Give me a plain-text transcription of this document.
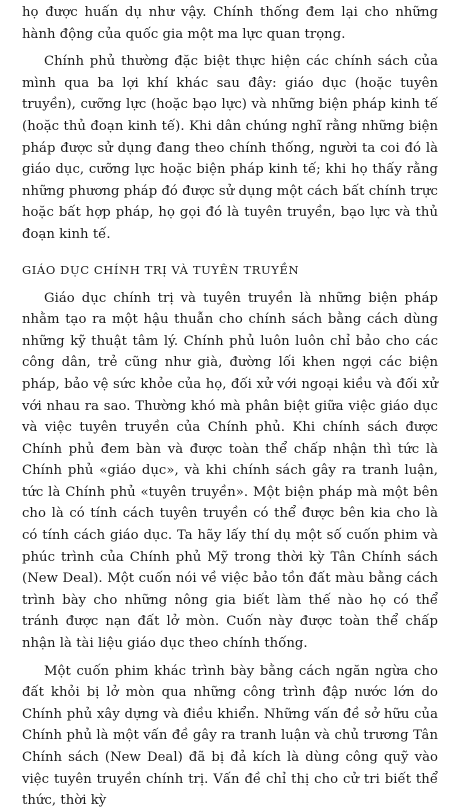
họ được huấn dụ như vậy. Chính thống đem lại cho những hành động của quốc gia một ma lực quan trọng.

Chính phủ thường đặc biệt thực hiện các chính sách của mình qua ba lợi khí khác sau đây: giáo dục (hoặc tuyên truyền), cưỡng lực (hoặc bạo lực) và những biện pháp kinh tế (hoặc thủ đoạn kinh tế). Khi dân chúng nghĩ rằng những biện pháp được sử dụng đang theo chính thống, người ta coi đó là giáo dục, cưỡng lực hoặc biện pháp kinh tế; khi họ thấy rằng những phương pháp đó được sử dụng một cách bất chính trực hoặc bất hợp pháp, họ gọi đó là tuyên truyền, bạo lực và thủ đoạn kinh tế.

GIÁO DỤC CHÍNH TRỊ VÀ TUYÊN TRUYỀN

Giáo dục chính trị và tuyên truyền là những biện pháp nhằm tạo ra một hậu thuẫn cho chính sách bằng cách dùng những kỹ thuật tâm lý. Chính phủ luôn luôn chỉ bảo cho các công dân, trẻ cũng như già, đường lối khen ngợi các biện pháp, bảo vệ sức khỏe của họ, đối xử với ngoại kiều và đối xử với nhau ra sao. Thường khó mà phân biệt giữa việc giáo dục và việc tuyên truyền của Chính phủ. Khi chính sách được Chính phủ đem bàn và được toàn thể chấp nhận thì tức là Chính phủ «giáo dục», và khi chính sách gây ra tranh luận, tức là Chính phủ «tuyên truyền». Một biện pháp mà một bên cho là có tính cách tuyên truyền có thể được bên kia cho là có tính cách giáo dục. Ta hãy lấy thí dụ một số cuốn phim và phúc trình của Chính phủ Mỹ trong thời kỳ Tân Chính sách (New Deal). Một cuốn nói về việc bảo tồn đất màu bằng cách trình bày cho những nông gia biết làm thế nào họ có thể tránh được nạn đất lở mòn. Cuốn này được toàn thể chấp nhận là tài liệu giáo dục theo chính thống.

Một cuốn phim khác trình bày bằng cách ngăn ngừa cho đất khỏi bị lở mòn qua những công trình đập nước lớn do Chính phủ xây dựng và điều khiển. Những vấn đề sở hữu của Chính phủ là một vấn đề gây ra tranh luận và chủ trương Tân Chính sách (New Deal) đã bị đả kích là dùng công quỹ vào việc tuyên truyền chính trị. Vấn đề chỉ thị cho cử tri biết thể thức, thời kỳ
